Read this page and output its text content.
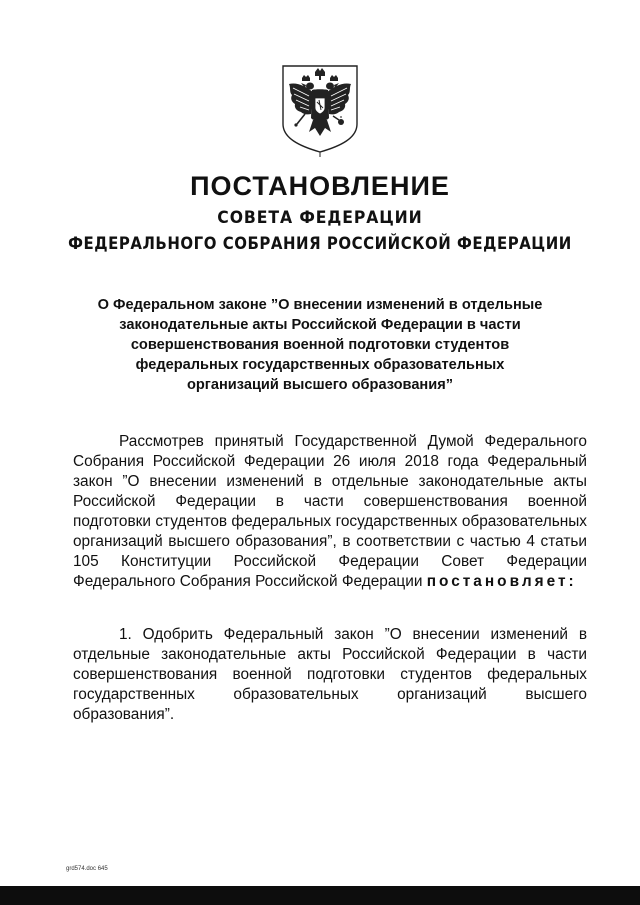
ПОСТАНОВЛЕНИЕ
СОВЕТА ФЕДЕРАЦИИ
ФЕДЕРАЛЬНОГО СОБРАНИЯ РОССИЙСКОЙ ФЕДЕРАЦИИ
О Федеральном законе ”О внесении изменений в отдельные
законодательные акты Российской Федерации в части
совершенствования военной подготовки студентов
федеральных государственных образовательных
организаций высшего образования”
Рассмотрев принятый Государственной Думой Федерального Собрания Российской Федерации 26 июля 2018 года Федеральный закон ”О внесении изменений в отдельные законодательные акты Российской Федерации в части совершенствования военной подготовки студентов федеральных государственных образовательных организаций высшего образования”, в соответствии с частью 4 статьи 105 Конституции Российской Федерации Совет Федерации Федерального Собрания Российской Федерации постановляет:
1. Одобрить Федеральный закон ”О внесении изменений в отдельные законодательные акты Российской Федерации в части совершенствования военной подготовки студентов федеральных государственных образовательных организаций высшего образования”.
grd574.doc 645
